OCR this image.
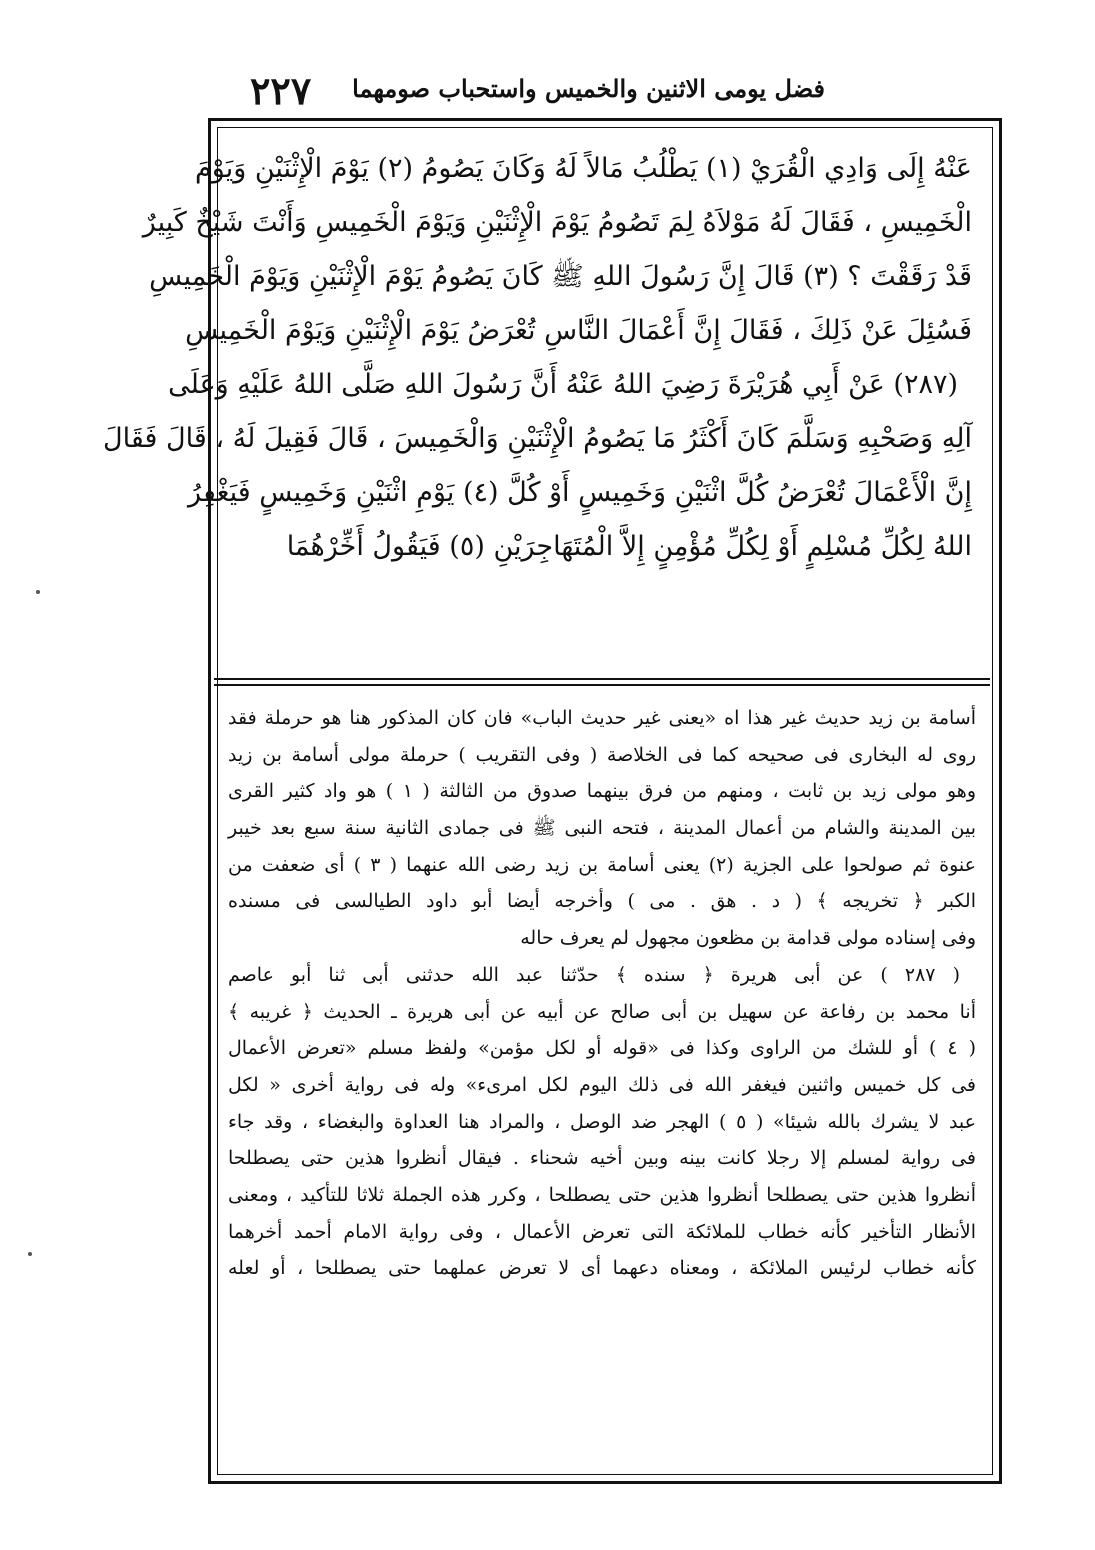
٢٢٧ فضل يومى الاثنين والخميس واستحباب صومهما
عَنْهُ إِلَى وَادِي الْقُرَيْ (١) يَطْلُبُ مَالاً لَهُ وَكَانَ يَصُومُ (٢) يَوْمَ الْإِثْنَيْنِ وَيَوْمَ
الْخَمِيسِ ، فَقَالَ لَهُ مَوْلاَهُ لِمَ تَصُومُ يَوْمَ الْإِثْنَيْنِ وَيَوْمَ الْخَمِيسِ وَأَنْتَ شَيْخٌ كَبِيرٌ
قَدْ رَقَقْتَ ؟ (٣) قَالَ إِنَّ رَسُولَ اللهِ ﷺ كَانَ يَصُومُ يَوْمَ الْإِثْنَيْنِ وَيَوْمَ الْخَمِيسِ
فَسُئِلَ عَنْ ذَلِكَ ، فَقَالَ إِنَّ أَعْمَالَ النَّاسِ تُعْرَضُ يَوْمَ الْإِثْنَيْنِ وَيَوْمَ الْخَمِيسِ
(٢٨٧) عَنْ أَبِي هُرَيْرَةَ رَضِيَ اللهُ عَنْهُ أَنَّ رَسُولَ اللهِ صَلَّى اللهُ عَلَيْهِ وَعَلَى
آلِهِ وَصَحْبِهِ وَسَلَّمَ كَانَ أَكْثَرُ مَا يَصُومُ الْإِثْنَيْنِ وَالْخَمِيسَ ، قَالَ فَقِيلَ لَهُ ، قَالَ فَقَالَ
إِنَّ الْأَعْمَالَ تُعْرَضُ كُلَّ اثْنَيْنِ وَخَمِيسٍ أَوْ كُلَّ (٤) يَوْمِ اثْنَيْنِ وَخَمِيسٍ فَيَغْفِرُ
اللهُ لِكُلِّ مُسْلِمٍ أَوْ لِكُلِّ مُؤْمِنٍ إِلاَّ الْمُتَهَاجِرَيْنِ (٥) فَيَقُولُ أَخِّرْهُمَا
أسامة بن زيد حديث غير هذا اه «يعنى غير حديث الباب» فان كان المذكور هنا هو حرملة فقد
روى له البخارى فى صحيحه كما فى الخلاصة ( وفى التقريب ) حرملة مولى أسامة بن زيد
وهو مولى زيد بن ثابت ، ومنهم من فرق بينهما صدوق من الثالثة ( ١ ) هو واد كثير القرى
بين المدينة والشام من أعمال المدينة ، فتحه النبى ﷺ فى جمادى الثانية سنة سبع بعد خيبر
عنوة ثم صولحوا على الجزية (٢) يعنى أسامة بن زيد رضى الله عنهما ( ٣ ) أى ضعفت من
الكبر ﴿ تخريجه ﴾ ( د . هق . مى ) وأخرجه أيضا أبو داود الطيالسى فى مسنده
وفى إسناده مولى قدامة بن مظعون مجهول لم يعرف حاله
( ٢٨٧ ) عن أبى هريرة ﴿ سنده ﴾ حدّثنا عبد الله حدثنى أبى ثنا أبو عاصم
أنا محمد بن رفاعة عن سهيل بن أبى صالح عن أبيه عن أبى هريرة ـ الحديث ﴿ غريبه ﴾
( ٤ ) أو للشك من الراوى وكذا فى «قوله أو لكل مؤمن» ولفظ مسلم «تعرض الأعمال
فى كل خميس واثنين فيغفر الله فى ذلك اليوم لكل امرىء» وله فى رواية أخرى « لكل
عبد لا يشرك بالله شيئا» ( ٥ ) الهجر ضد الوصل ، والمراد هنا العداوة والبغضاء ، وقد جاء
فى رواية لمسلم إلا رجلا كانت بينه وبين أخيه شحناء . فيقال أنظروا هذين حتى يصطلحا
أنظروا هذين حتى يصطلحا أنظروا هذين حتى يصطلحا ، وكرر هذه الجملة ثلاثا للتأكيد ، ومعنى
الأنظار التأخير كأنه خطاب للملائكة التى تعرض الأعمال ، وفى رواية الامام أحمد أخرهما
كأنه خطاب لرئيس الملائكة ، ومعناه دعهما أى لا تعرض عملهما حتى يصطلحا ، أو لعله
